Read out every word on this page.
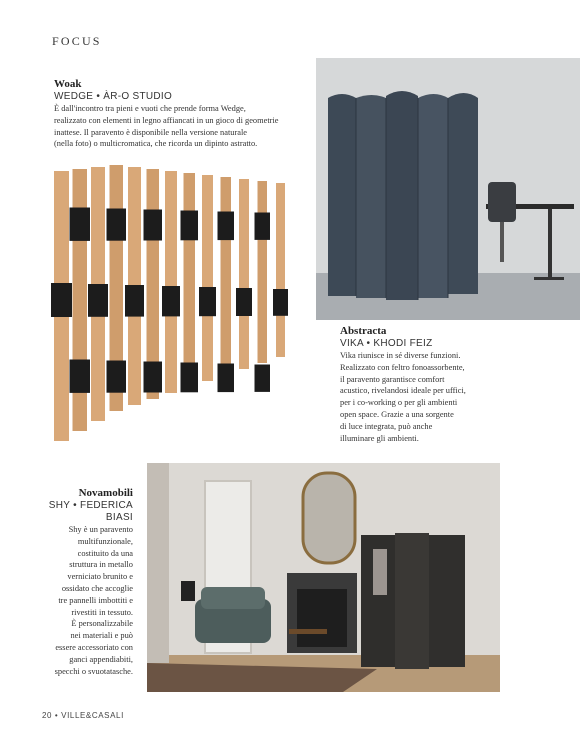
FOCUS
Woak
WEDGE • ÀR-O STUDIO
È dall'incontro tra pieni e vuoti che prende forma Wedge,
realizzato con elementi in legno affiancati in un gioco di geometrie
inattese. Il paravento è disponibile nella versione naturale
(nella foto) o multicromatica, che ricorda un dipinto astratto.
Abstracta
VIKA • KHODI FEIZ
Vika riunisce in sé diverse funzioni.
Realizzato con feltro fonoassorbente,
il paravento garantisce comfort
acustico, rivelandosi ideale per uffici,
per i co-working o per gli ambienti
open space. Grazie a una sorgente
di luce integrata, può anche
illuminare gli ambienti.
Novamobili
SHY • FEDERICA
BIASI
Shy è un paravento
multifunzionale,
costituito da una
struttura in metallo
verniciato brunito e
ossidato che accoglie
tre pannelli imbottiti e
rivestiti in tessuto.
È personalizzabile
nei materiali e può
essere accessoriato con
ganci appendiabiti,
specchi o svuotatasche.
20 • VILLE&CASALI
